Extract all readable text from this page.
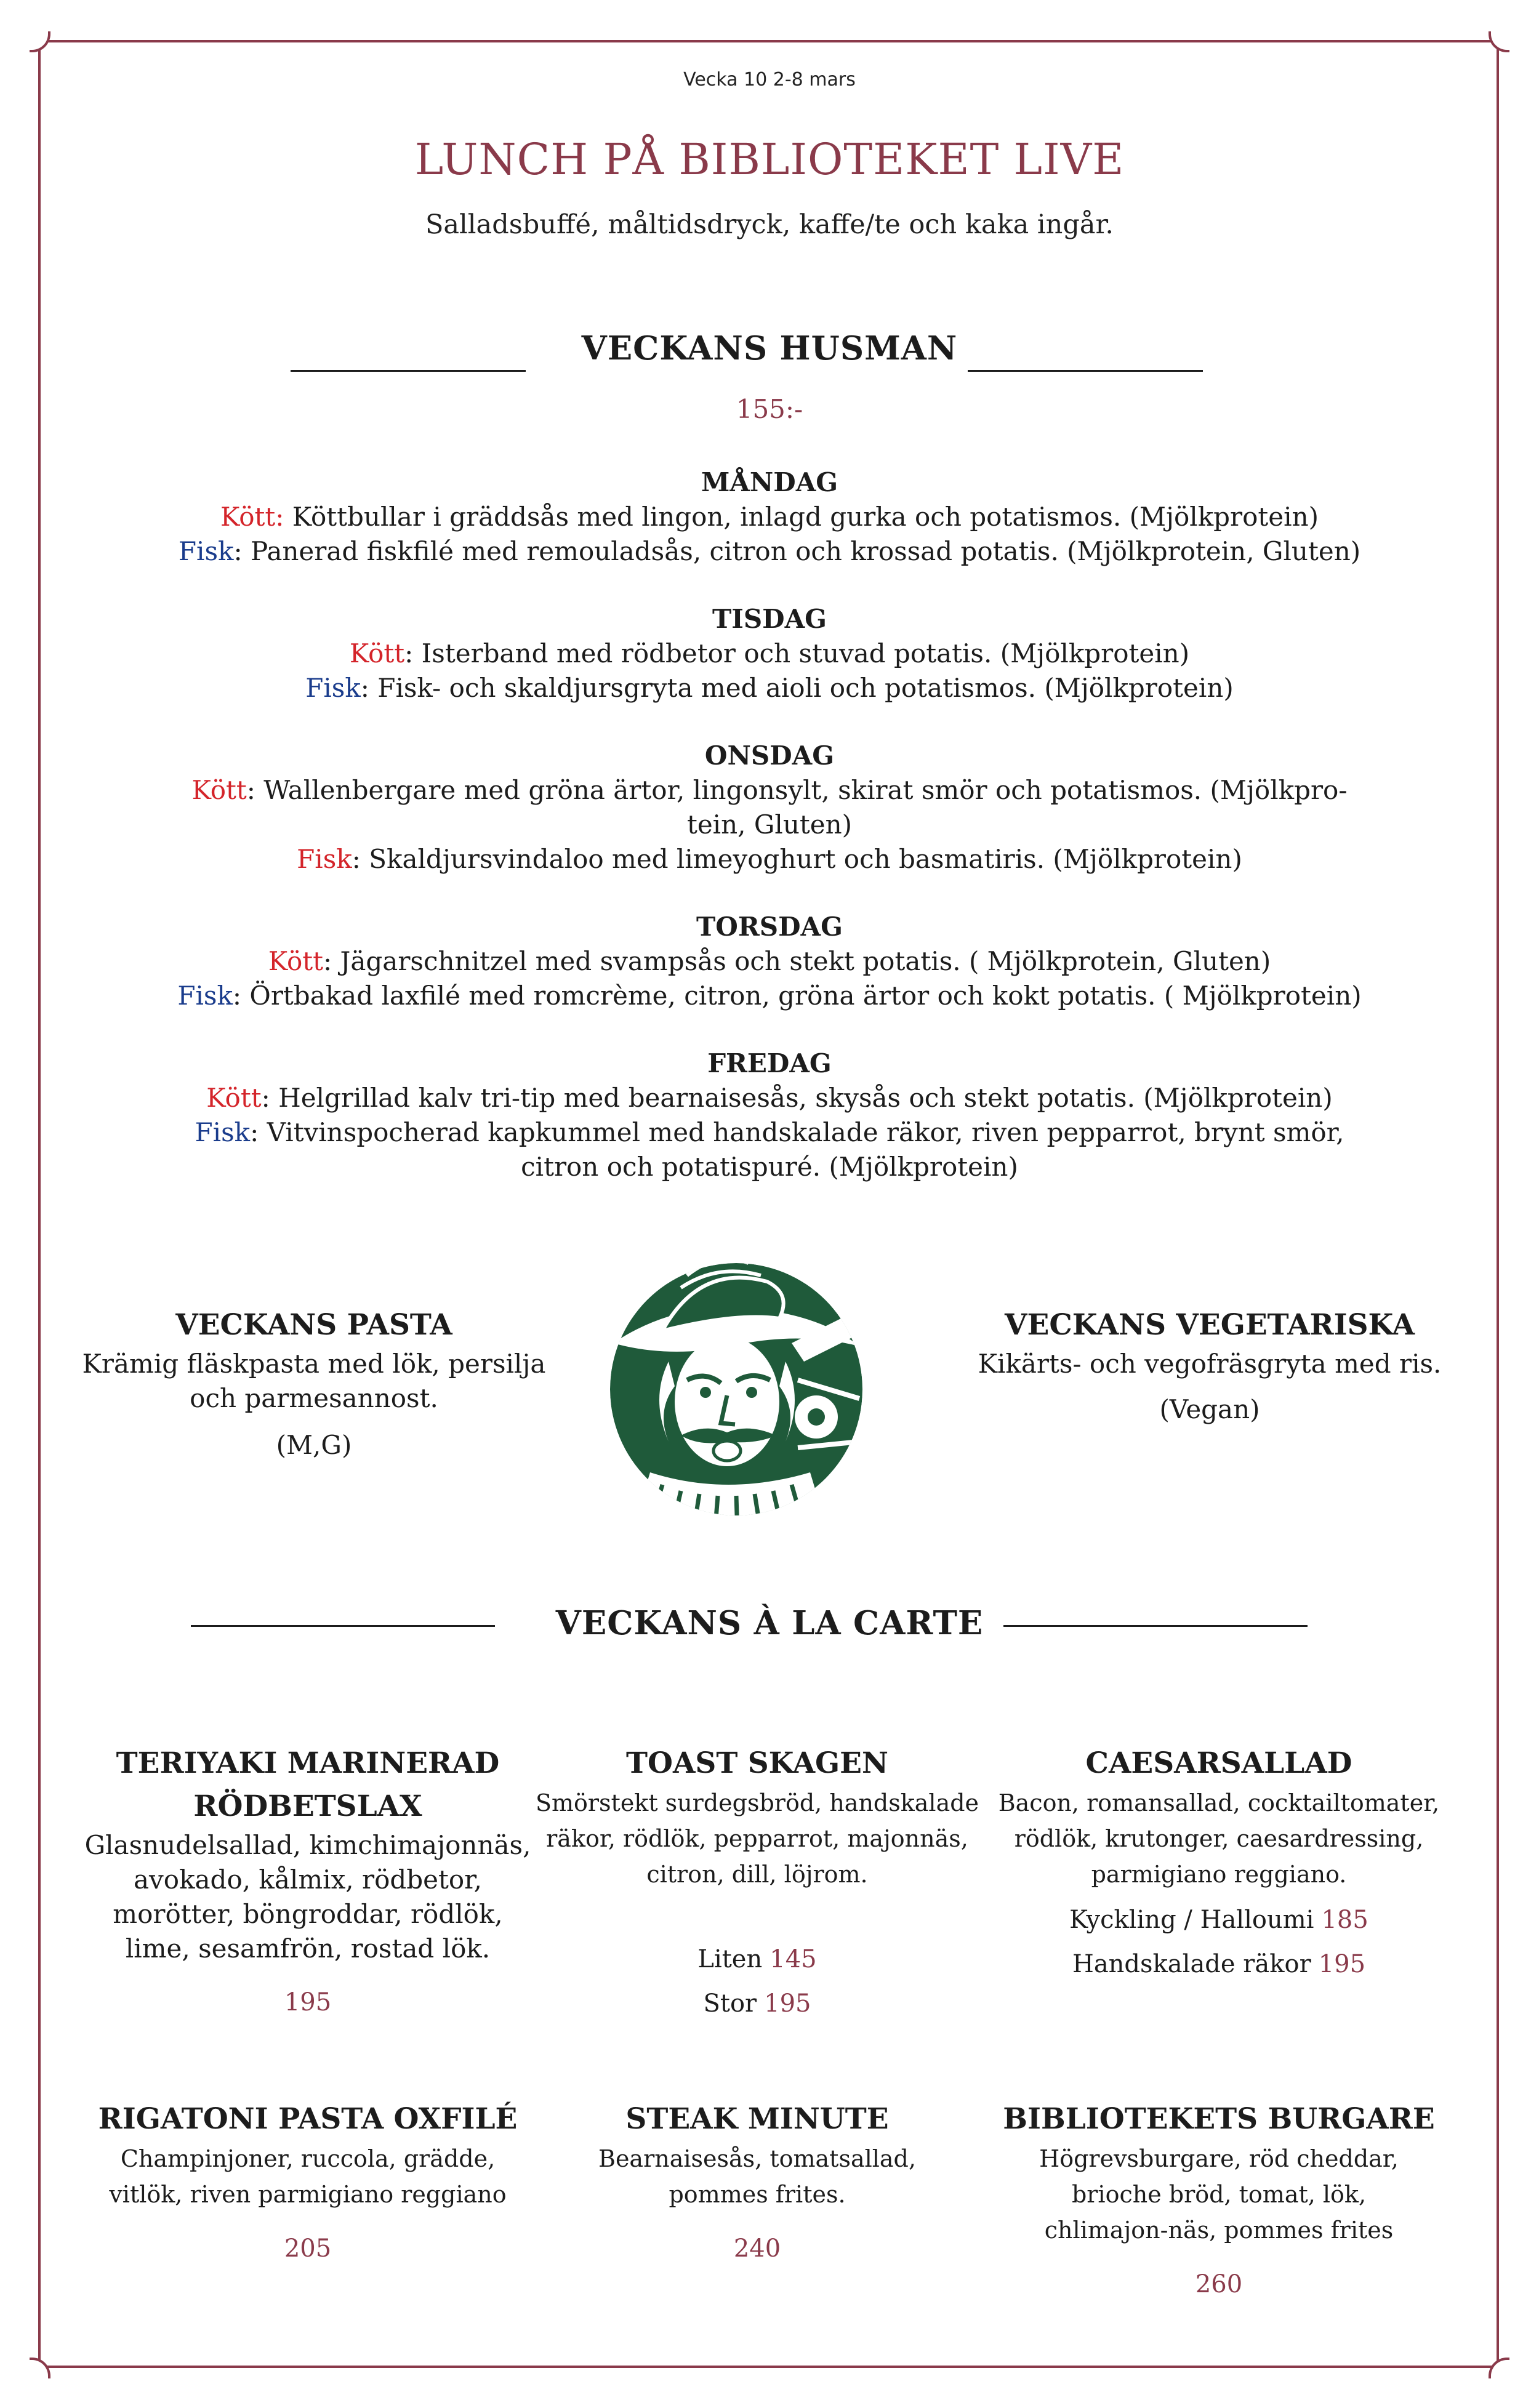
Vecka 10 2-8 mars
LUNCH PÅ BIBLIOTEKET LIVE
Salladsbuffé, måltidsdryck, kaffe/te och kaka ingår.
VECKANS HUSMAN
155:-
MÅNDAG
Kött: Köttbullar i gräddsås med lingon, inlagd gurka och potatismos. (Mjölkprotein)
Fisk: Panerad fiskfilé med remouladsås, citron och krossad potatis. (Mjölkprotein, Gluten)
TISDAG
Kött: Isterband med rödbetor och stuvad potatis. (Mjölkprotein)
Fisk: Fisk- och skaldjursgryta med aioli och potatismos. (Mjölkprotein)
ONSDAG
Kött: Wallenbergare med gröna ärtor, lingonsylt, skirat smör och potatismos. (Mjölkpro-
tein, Gluten)
Fisk: Skaldjursvindaloo med limeyoghurt och basmatiris. (Mjölkprotein)
TORSDAG
Kött: Jägarschnitzel med svampsås och stekt potatis. ( Mjölkprotein, Gluten)
Fisk: Örtbakad laxfilé med romcrème, citron, gröna ärtor och kokt potatis. ( Mjölkprotein)
FREDAG
Kött: Helgrillad kalv tri-tip med bearnaisesås, skysås och stekt potatis. (Mjölkprotein)
Fisk: Vitvinspocherad kapkummel med handskalade räkor, riven pepparrot, brynt smör,
citron och potatispuré. (Mjölkprotein)
VECKANS PASTA
Krämig fläskpasta med lök, persilja
och parmesannost.
(M,G)
VECKANS VEGETARISKA
Kikärts- och vegofräsgryta med ris.
(Vegan)
VECKANS À LA CARTE
TERIYAKI MARINERAD
RÖDBETSLAX
Glasnudelsallad, kimchimajonnäs,
avokado, kålmix, rödbetor,
morötter, böngroddar, rödlök,
lime, sesamfrön, rostad lök.
195
TOAST SKAGEN
Smörstekt surdegsbröd, handskalade
räkor, rödlök, pepparrot, majonnäs,
citron, dill, löjrom.
Liten 145
Stor 195
CAESARSALLAD
Bacon, romansallad, cocktailtomater,
rödlök, krutonger, caesardressing,
parmigiano reggiano.
Kyckling / Halloumi 185
Handskalade räkor 195
RIGATONI PASTA OXFILÉ
Champinjoner, ruccola, grädde,
vitlök, riven parmigiano reggiano
205
STEAK MINUTE
Bearnaisesås, tomatsallad,
pommes frites.
240
BIBLIOTEKETS BURGARE
Högrevsburgare, röd cheddar,
brioche bröd, tomat, lök,
chlimajon-näs, pommes frites
260
